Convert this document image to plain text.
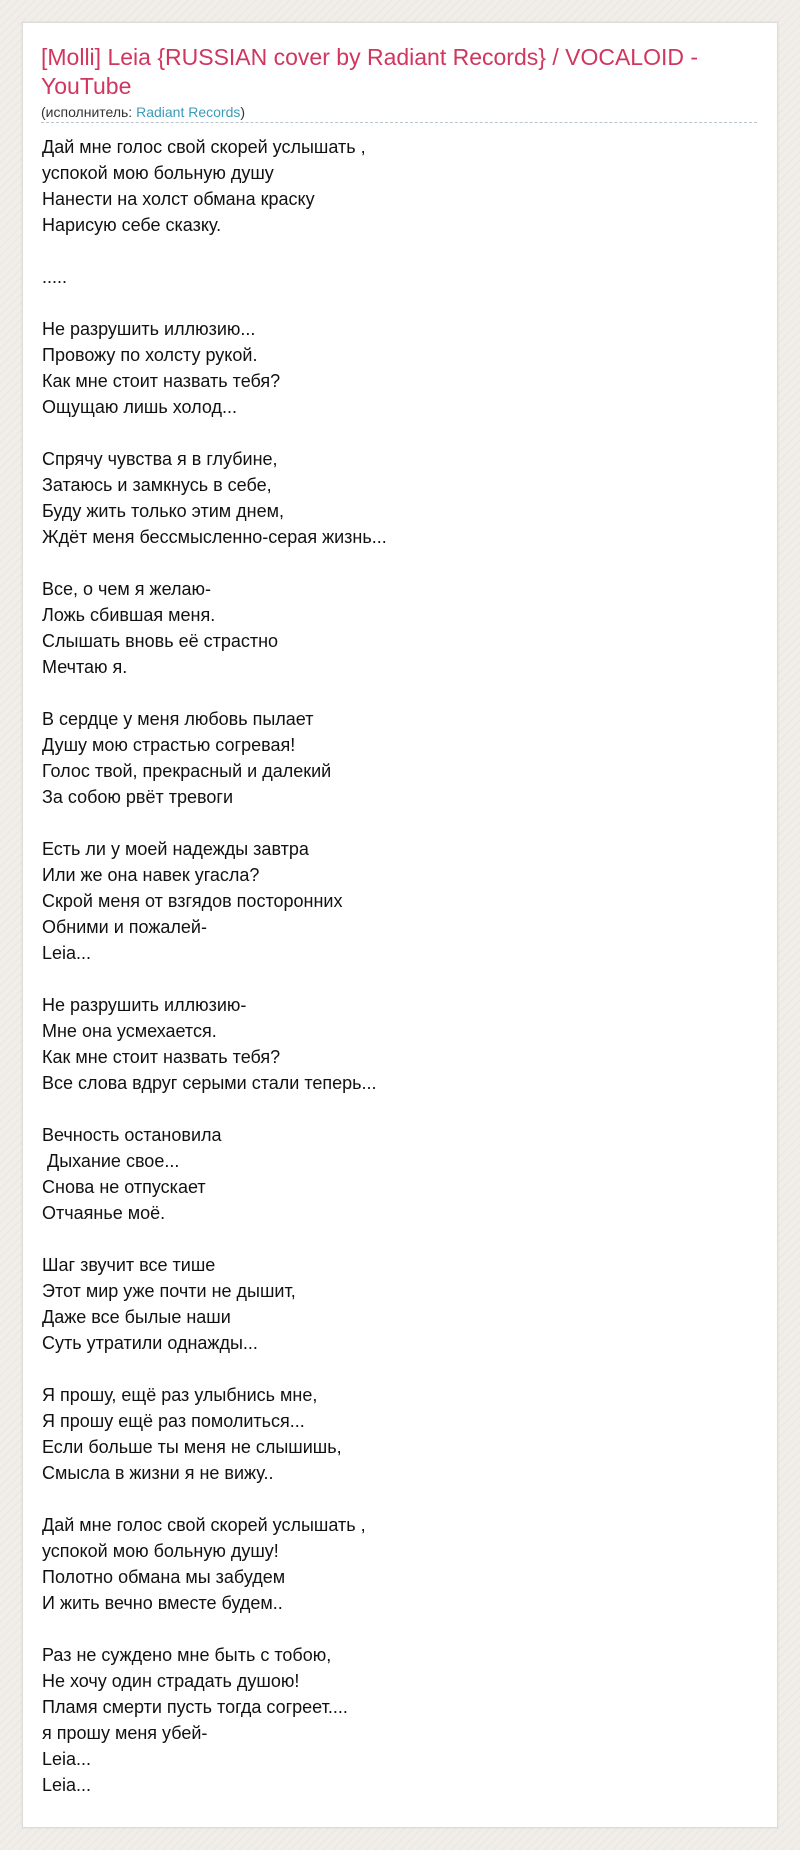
[Molli] Leia {RUSSIAN cover by Radiant Records} / VOCALOID - YouTube
(исполнитель: Radiant Records)
Дай мне голос свой скорей услышать ,
успокой мою больную душу
Нанести на холст обмана краску
Нарисую себе сказку.

.....

Не разрушить иллюзию...
Провожу по холсту рукой.
Как мне стоит назвать тебя?
Ощущаю лишь холод...

Спрячу чувства я в глубине,
Затаюсь и замкнусь в себе,
Буду жить только этим днем,
Ждёт меня бессмысленно-серая жизнь...

Все, о чем я желаю-
Ложь сбившая меня.
Слышать вновь её страстно
Мечтаю я.

В сердце у меня любовь пылает
Душу мою страстью согревая!
Голос твой, прекрасный и далекий
За собою рвёт тревоги

Есть ли у моей надежды завтра
Или же она навек угасла?
Скрой меня от взгядов посторонних
Обними и пожалей-
Leia...

Не разрушить иллюзию-
Мне она усмехается.
Как мне стоит назвать тебя?
Все слова вдруг серыми стали теперь...

Вечность остановила
Дыхание свое...
Снова не отпускает
Отчаянье моё.

Шаг звучит все тише
Этот мир уже почти не дышит,
Даже все былые наши
Суть утратили однажды...

Я прошу, ещё раз улыбнись мне,
Я прошу ещё раз помолиться...
Если больше ты меня не слышишь,
Смысла в жизни я не вижу..

Дай мне голос свой скорей услышать ,
успокой мою больную душу!
Полотно обмана мы забудем
И жить вечно вместе будем..

Раз не суждено мне быть с тобою,
Не хочу один страдать душою!
Пламя смерти пусть тогда согреет....
я прошу меня убей-
Leia...
Leia...
